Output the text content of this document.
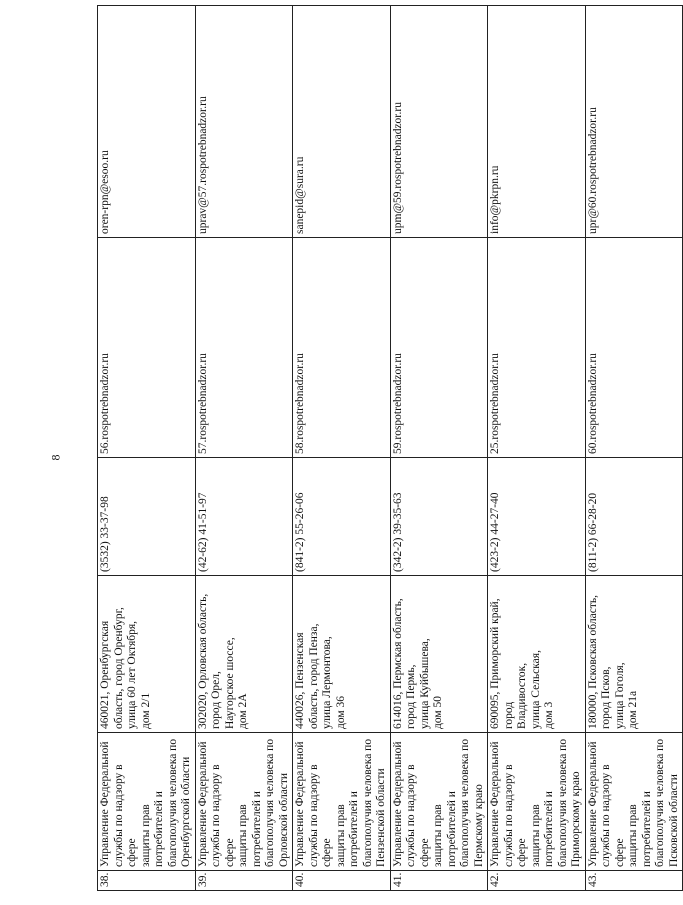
8
38.	Управление Федеральной
службы по надзору в сфере
защиты прав потребителей и
благополучия человека по
Оренбургской области	460021, Оренбургская
область, город Оренбург,
улица 60 лет Октября,
дом 2/1	(3532) 33-37-98	56.rospotrebnadzor.ru	oren-rpn@esoo.ru
39.	Управление Федеральной
службы по надзору в сфере
защиты прав потребителей и
благополучия человека по
Орловской области	302020, Орловская область,
город Орел,
Наугорское шоссе,
дом 2А	(42-62) 41-51-97	57.rospotrebnadzor.ru	uprav@57.rospotrebnadzor.ru
40.	Управление Федеральной
службы по надзору в сфере
защиты прав потребителей и
благополучия человека по
Пензенской области	440026, Пензенская
область, город Пенза,
улица Лермонтова,
дом 36	(841-2) 55-26-06	58.rospotrebnadzor.ru	sanepid@sura.ru
41.	Управление Федеральной
службы по надзору в сфере
защиты прав потребителей и
благополучия человека по
Пермскому краю	614016, Пермская область,
город Пермь,
улица Куйбышева,
дом 50	(342-2) 39-35-63	59.rospotrebnadzor.ru	upm@59.rospotrebnadzor.ru
42.	Управление Федеральной
службы по надзору в сфере
защиты прав потребителей и
благополучия человека по
Приморскому краю	690095, Приморский край,
город
Владивосток,
улица Сельская,
дом 3	(423-2) 44-27-40	25.rospotrebnadzor.ru	info@pkrpn.ru
43.	Управление Федеральной
службы по надзору в сфере
защиты прав потребителей и
благополучия человека по
Псковской области	180000, Псковская область,
город Псков,
улица Гоголя,
дом 21а	(811-2) 66-28-20	60.rospotrebnadzor.ru	upr@60.rospotrebnadzor.ru
